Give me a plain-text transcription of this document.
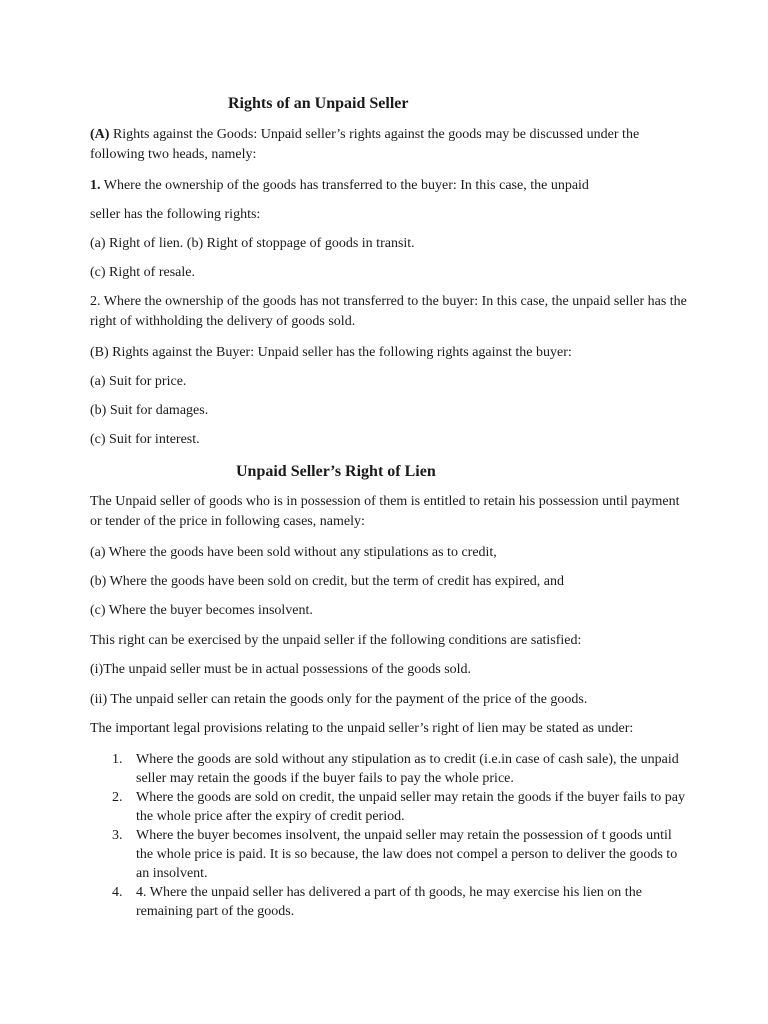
Rights of an Unpaid Seller

(A) Rights against the Goods: Unpaid seller’s rights against the goods may be discussed under the following two heads, namely:

1. Where the ownership of the goods has transferred to the buyer: In this case, the unpaid

seller has the following rights:

(a) Right of lien. (b) Right of stoppage of goods in transit.

(c) Right of resale.

2. Where the ownership of the goods has not transferred to the buyer: In this case, the unpaid seller has the right of withholding the delivery of goods sold.

(B) Rights against the Buyer: Unpaid seller has the following rights against the buyer:

(a) Suit for price.

(b) Suit for damages.

(c) Suit for interest.

Unpaid Seller’s Right of Lien

The Unpaid seller of goods who is in possession of them is entitled to retain his possession until payment or tender of the price in following cases, namely:

(a) Where the goods have been sold without any stipulations as to credit,

(b) Where the goods have been sold on credit, but the term of credit has expired, and

(c) Where the buyer becomes insolvent.

This right can be exercised by the unpaid seller if the following conditions are satisfied:

(i)The unpaid seller must be in actual possessions of the goods sold.

(ii) The unpaid seller can retain the goods only for the payment of the price of the goods.

The important legal provisions relating to the unpaid seller’s right of lien may be stated as under:

1. Where the goods are sold without any stipulation as to credit (i.e.in case of cash sale), the unpaid seller may retain the goods if the buyer fails to pay the whole price.
2. Where the goods are sold on credit, the unpaid seller may retain the goods if the buyer fails to pay the whole price after the expiry of credit period.
3. Where the buyer becomes insolvent, the unpaid seller may retain the possession of t goods until the whole price is paid. It is so because, the law does not compel a person to deliver the goods to an insolvent.
4. 4. Where the unpaid seller has delivered a part of th goods, he may exercise his lien on the remaining part of the goods.
